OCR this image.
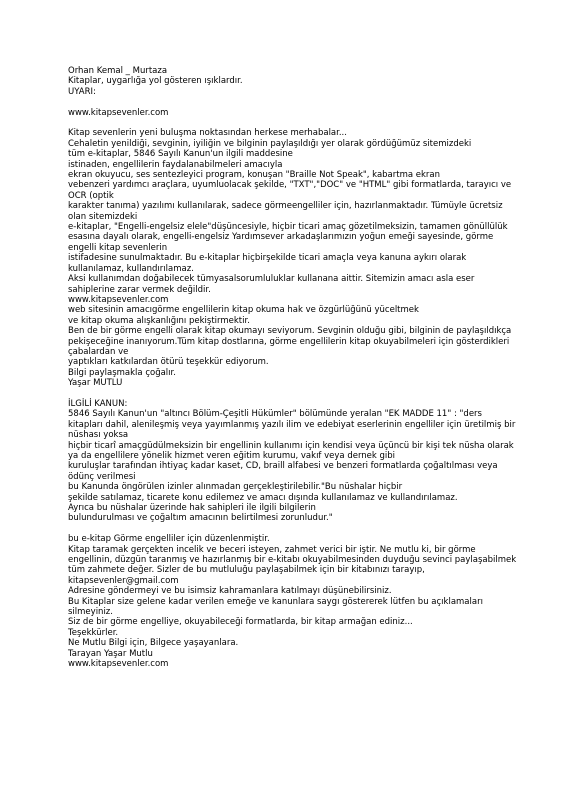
Orhan Kemal _ Murtaza
Kitaplar, uygarlığa yol gösteren ışıklardır.
UYARI:
www.kitapsevenler.com
Kitap sevenlerin yeni buluşma noktasından herkese merhabalar...
Cehaletin yenildiği, sevginin, iyiliğin ve bilginin paylaşıldığı yer olarak gördüğümüz sitemizdeki
tüm e-kitaplar, 5846 Sayılı Kanun'un ilgili maddesine
istinaden, engellilerin faydalanabilmeleri amacıyla
ekran okuyucu, ses sentezleyici program, konuşan "Braille Not Speak", kabartma ekran
vebenzeri yardımcı araçlara, uyumluolacak şekilde, "TXT","DOC" ve "HTML" gibi formatlarda, tarayıcı ve
OCR (optik
karakter tanıma) yazılımı kullanılarak, sadece görmeengelliler için, hazırlanmaktadır. Tümüyle ücretsiz
olan sitemizdeki
e-kitaplar, "Engelli-engelsiz elele"düşüncesiyle, hiçbir ticari amaç gözetilmeksizin, tamamen gönüllülük
esasına dayalı olarak, engelli-engelsiz Yardımsever arkadaşlarımızın yoğun emeği sayesinde, görme
engelli kitap sevenlerin
istifadesine sunulmaktadır. Bu e-kitaplar hiçbirşekilde ticari amaçla veya kanuna aykırı olarak
kullanılamaz, kullandırılamaz.
Aksi kullanımdan doğabilecek tümyasalsorumluluklar kullanana aittir. Sitemizin amacı asla eser
sahiplerine zarar vermek değildir.
www.kitapsevenler.com
web sitesinin amacıgörme engellilerin kitap okuma hak ve özgürlüğünü yüceltmek
ve kitap okuma alışkanlığını pekiştirmektir.
Ben de bir görme engelli olarak kitap okumayı seviyorum. Sevginin olduğu gibi, bilginin de paylaşıldıkça
pekişeceğine inanıyorum.Tüm kitap dostlarına, görme engellilerin kitap okuyabilmeleri için gösterdikleri
çabalardan ve
yaptıkları katkılardan ötürü teşekkür ediyorum.
Bilgi paylaşmakla çoğalır.
Yaşar MUTLU
İLGİLİ KANUN:
5846 Sayılı Kanun'un "altıncı Bölüm-Çeşitli Hükümler" bölümünde yeralan "EK MADDE 11" : "ders
kitapları dahil, alenileşmiş veya yayımlanmış yazılı ilim ve edebiyat eserlerinin engelliler için üretilmiş bir
nüshası yoksa
hiçbir ticarî amaçgüdülmeksizin bir engellinin kullanımı için kendisi veya üçüncü bir kişi tek nüsha olarak
ya da engellilere yönelik hizmet veren eğitim kurumu, vakıf veya dernek gibi
kuruluşlar tarafından ihtiyaç kadar kaset, CD, braill alfabesi ve benzeri formatlarda çoğaltılması veya
ödünç verilmesi
bu Kanunda öngörülen izinler alınmadan gerçekleştirilebilir."Bu nüshalar hiçbir
şekilde satılamaz, ticarete konu edilemez ve amacı dışında kullanılamaz ve kullandırılamaz.
Ayrıca bu nüshalar üzerinde hak sahipleri ile ilgili bilgilerin
bulundurulması ve çoğaltım amacının belirtilmesi zorunludur."
bu e-kitap Görme engelliler için düzenlenmiştir.
Kitap taramak gerçekten incelik ve beceri isteyen, zahmet verici bir iştir. Ne mutlu ki, bir görme
engellinin, düzgün taranmış ve hazırlanmış bir e-kitabı okuyabilmesinden duyduğu sevinci paylaşabilmek
tüm zahmete değer. Sizler de bu mutluluğu paylaşabilmek için bir kitabınızı tarayıp,
kitapsevenler@gmail.com
Adresine göndermeyi ve bu isimsiz kahramanlara katılmayı düşünebilirsiniz.
Bu Kitaplar size gelene kadar verilen emeğe ve kanunlara saygı göstererek lütfen bu açıklamaları
silmeyiniz.
Siz de bir görme engelliye, okuyabileceği formatlarda, bir kitap armağan ediniz...
Teşekkürler.
Ne Mutlu Bilgi için, Bilgece yaşayanlara.
Tarayan Yaşar Mutlu
www.kitapsevenler.com
